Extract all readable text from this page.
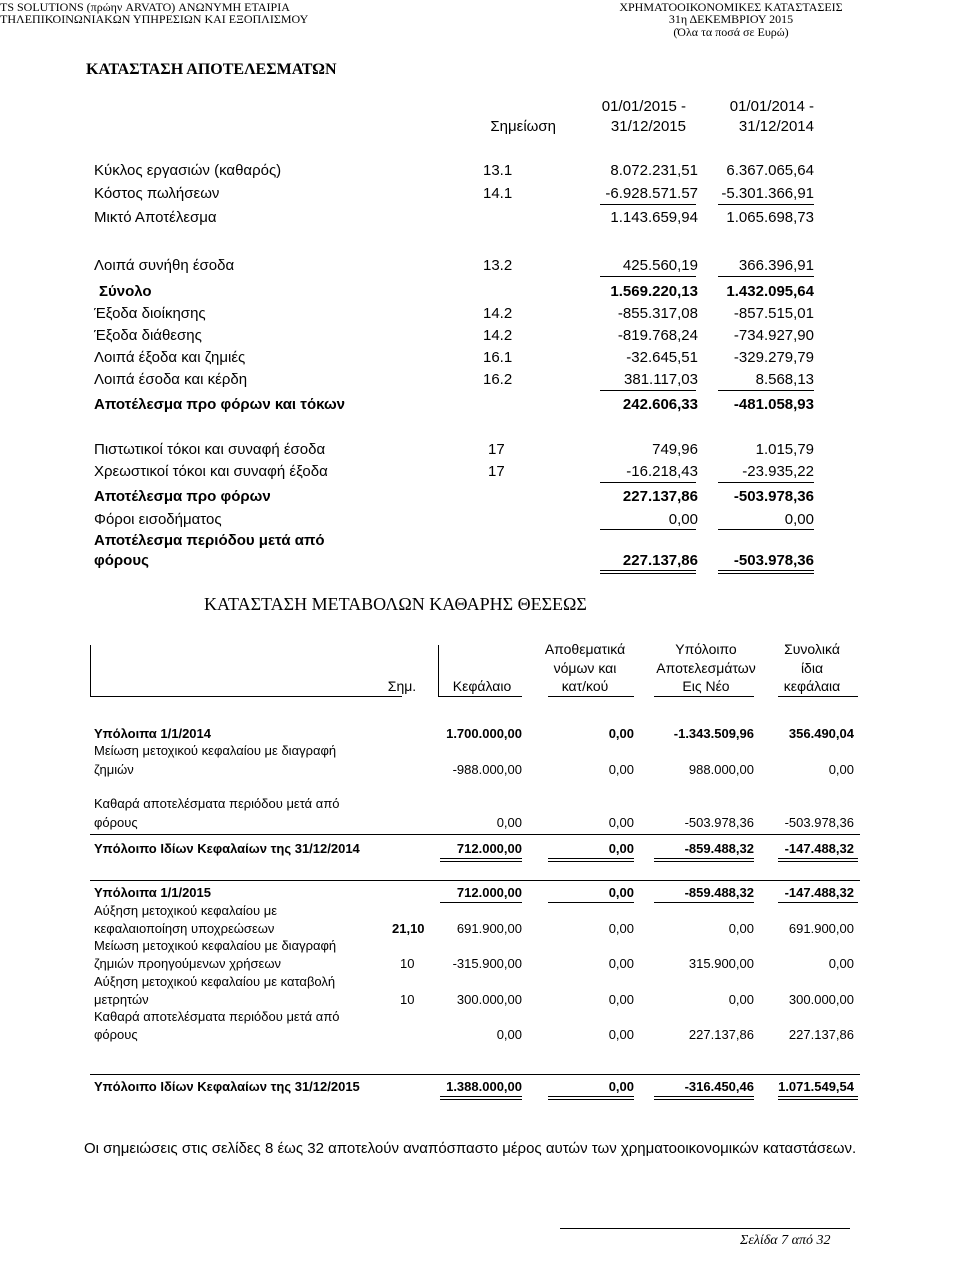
TS SOLUTIONS (πρώην ARVATO) ΑΝΩΝΥΜΗ ΕΤΑΙΡΙΑ
ΤΗΛΕΠΙΚΟΙΝΩΝΙΑΚΩΝ ΥΠΗΡΕΣΙΩΝ ΚΑΙ ΕΞΟΠΛΙΣΜΟΥ
ΧΡΗΜΑΤΟΟΙΚΟΝΟΜΙΚΕΣ ΚΑΤΑΣΤΑΣΕΙΣ
31η ΔΕΚΕΜΒΡΙΟΥ 2015
(Όλα τα ποσά σε Ευρώ)
ΚΑΤΑΣΤΑΣΗ ΑΠΟΤΕΛΕΣΜΑΤΩΝ
Σημείωση
01/01/2015 -
31/12/2015
01/01/2014 -
31/12/2014
Κύκλος εργασιών (καθαρός)	13.1	8.072.231,51	6.367.065,64
Κόστος πωλήσεων	14.1	-6.928.571.57	-5.301.366,91
Μικτό Αποτέλεσμα	1.143.659,94	1.065.698,73
Λοιπά συνήθη έσοδα	13.2	425.560,19	366.396,91
Σύνολο	1.569.220,13	1.432.095,64
Έξοδα διοίκησης	14.2	-855.317,08	-857.515,01
Έξοδα διάθεσης	14.2	-819.768,24	-734.927,90
Λοιπά έξοδα και ζημιές	16.1	-32.645,51	-329.279,79
Λοιπά έσοδα και κέρδη	16.2	381.117,03	8.568,13
Αποτέλεσμα προ φόρων και τόκων	242.606,33	-481.058,93
Πιστωτικοί τόκοι και συναφή έσοδα	17	749,96	1.015,79
Χρεωστικοί τόκοι και συναφή έξοδα	17	-16.218,43	-23.935,22
Αποτέλεσμα προ φόρων	227.137,86	-503.978,36
Φόροι εισοδήματος	0,00	0,00
Αποτέλεσμα περιόδου μετά από
φόρους	227.137,86	-503.978,36
ΚΑΤΑΣΤΑΣΗ ΜΕΤΑΒΟΛΩΝ ΚΑΘΑΡΗΣ ΘΕΣΕΩΣ
Σημ.	Κεφάλαιο
Αποθεματικά
νόμων και
κατ/κού
Υπόλοιπο
Αποτελεσμάτων
Εις Νέο
Συνολικά
ίδια
κεφάλαια
Υπόλοιπα 1/1/2014	1.700.000,00	0,00	-1.343.509,96	356.490,04
Μείωση μετοχικού κεφαλαίου με διαγραφή
ζημιών	-988.000,00	0,00	988.000,00	0,00
Καθαρά αποτελέσματα περιόδου μετά από
φόρους	0,00	0,00	-503.978,36	-503.978,36
Υπόλοιπο Ιδίων Κεφαλαίων της 31/12/2014	712.000,00	0,00	-859.488,32	-147.488,32
Υπόλοιπα 1/1/2015	712.000,00	0,00	-859.488,32	-147.488,32
Αύξηση μετοχικού κεφαλαίου με
κεφαλαιοποίηση υποχρεώσεων	21,10	691.900,00	0,00	0,00	691.900,00
Μείωση μετοχικού κεφαλαίου με διαγραφή
ζημιών προηγούμενων χρήσεων	10	-315.900,00	0,00	315.900,00	0,00
Αύξηση μετοχικού κεφαλαίου με καταβολή
μετρητών	10	300.000,00	0,00	0,00	300.000,00
Καθαρά αποτελέσματα περιόδου μετά από
φόρους	0,00	0,00	227.137,86	227.137,86
Υπόλοιπο Ιδίων Κεφαλαίων της 31/12/2015	1.388.000,00	0,00	-316.450,46	1.071.549,54
Οι σημειώσεις στις σελίδες 8 έως 32 αποτελούν αναπόσπαστο μέρος αυτών των χρηματοοικονομικών καταστάσεων.
Σελίδα 7 από 32
